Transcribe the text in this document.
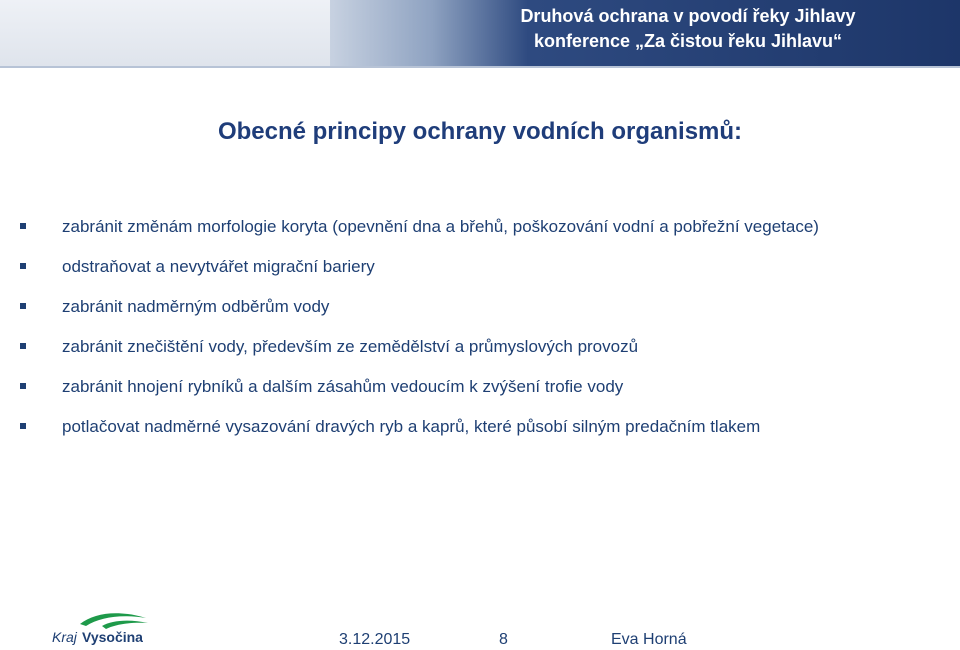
Druhová ochrana v povodí řeky Jihlavy
konference „Za čistou řeku Jihlavu“
Obecné principy ochrany vodních organismů:
zabránit změnám morfologie koryta (opevnění dna a břehů, poškozování vodní a pobřežní vegetace)
odstraňovat a nevytvářet migrační bariery
zabránit nadměrným odběrům vody
zabránit znečištění vody, především ze zemědělství a průmyslových provozů
zabránit hnojení rybníků a dalším zásahům vedoucím k zvýšení trofie vody
potlačovat nadměrné vysazování dravých ryb a kaprů, které působí silným predačním tlakem
Kraj Vysočina	3.12.2015	8	Eva Horná
